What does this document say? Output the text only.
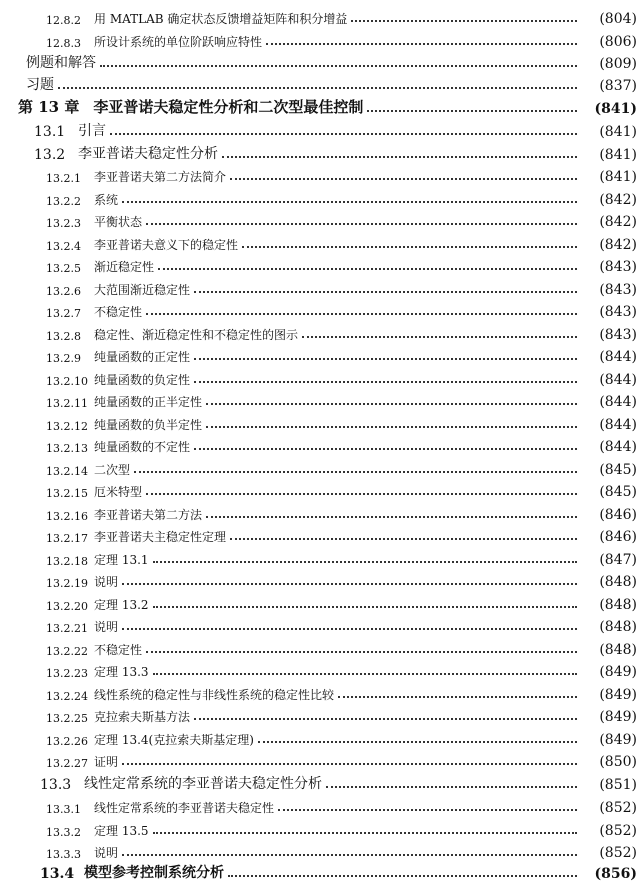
12.8.2	用 MATLAB 确定状态反馈增益矩阵和积分增益	(804)
12.8.3	所设计系统的单位阶跃响应特性	(806)
例题和解答	(809)
习题	(837)
第 13 章 李亚普诺夫稳定性分析和二次型最佳控制	(841)
13.1 引言	(841)
13.2 李亚普诺夫稳定性分析	(841)
13.2.1	李亚普诺夫第二方法简介	(841)
13.2.2	系统	(842)
13.2.3	平衡状态	(842)
13.2.4	李亚普诺夫意义下的稳定性	(842)
13.2.5	渐近稳定性	(843)
13.2.6	大范围渐近稳定性	(843)
13.2.7	不稳定性	(843)
13.2.8	稳定性、渐近稳定性和不稳定性的图示	(843)
13.2.9	纯量函数的正定性	(844)
13.2.10 纯量函数的负定性	(844)
13.2.11 纯量函数的正半定性	(844)
13.2.12 纯量函数的负半定性	(844)
13.2.13 纯量函数的不定性	(844)
13.2.14 二次型	(845)
13.2.15 厄米特型	(845)
13.2.16 李亚普诺夫第二方法	(846)
13.2.17 李亚普诺夫主稳定性定理	(846)
13.2.18 定理 13.1	(847)
13.2.19 说明	(848)
13.2.20 定理 13.2	(848)
13.2.21 说明	(848)
13.2.22 不稳定性	(848)
13.2.23 定理 13.3	(849)
13.2.24 线性系统的稳定性与非线性系统的稳定性比较	(849)
13.2.25 克拉索夫斯基方法	(849)
13.2.26 定理 13.4(克拉索夫斯基定理)	(849)
13.2.27 证明	(850)
13.3 线性定常系统的李亚普诺夫稳定性分析	(851)
13.3.1	线性定常系统的李亚普诺夫稳定性	(852)
13.3.2	定理 13.5	(852)
13.3.3	说明	(852)
13.4 模型参考控制系统分析	(856)
